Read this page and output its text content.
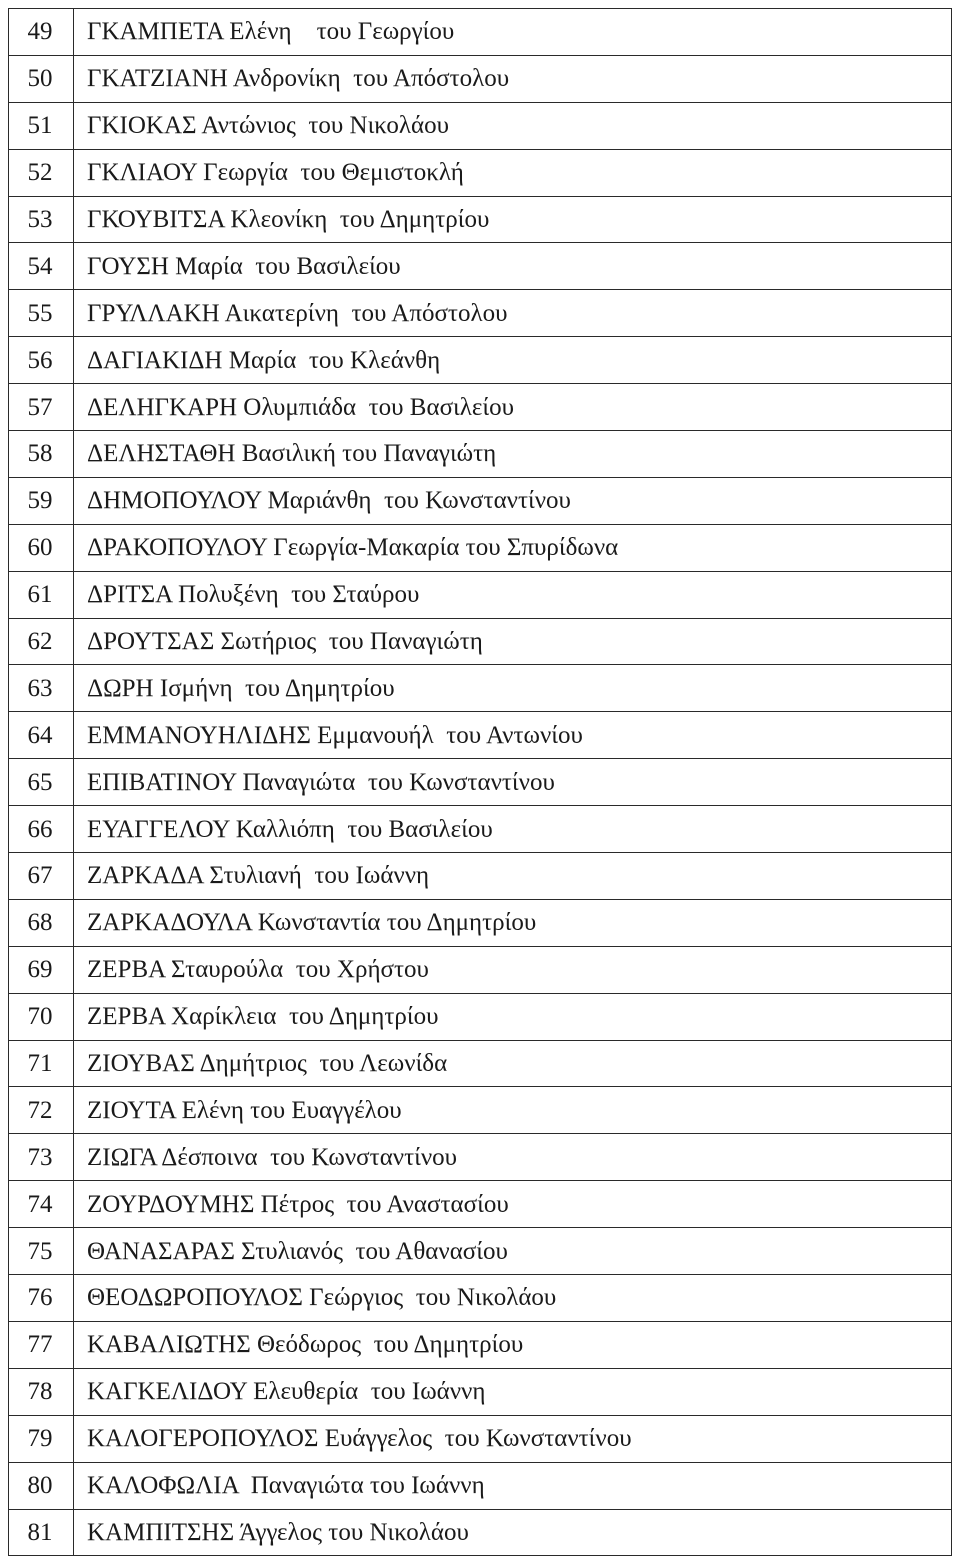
49	ΓΚΑΜΠΕΤΑ Ελένη    του Γεωργίου
50	ΓΚΑΤΖΙΑΝΗ Ανδρονίκη  του Απόστολου
51	ΓΚΙΟΚΑΣ Αντώνιος  του Νικολάου
52	ΓΚΛΙΑΟΥ Γεωργία  του Θεμιστοκλή
53	ΓΚΟΥΒΙΤΣΑ Κλεονίκη  του Δημητρίου
54	ΓΟΥΣΗ Μαρία  του Βασιλείου
55	ΓΡΥΛΛΑΚΗ Αικατερίνη  του Απόστολου
56	ΔΑΓΙΑΚΙΔΗ Μαρία  του Κλεάνθη
57	ΔΕΛΗΓΚΑΡΗ Ολυμπιάδα  του Βασιλείου
58	ΔΕΛΗΣΤΑΘΗ Βασιλική του Παναγιώτη
59	ΔΗΜΟΠΟΥΛΟΥ Μαριάνθη  του Κωνσταντίνου
60	ΔΡΑΚΟΠΟΥΛΟΥ Γεωργία-Μακαρία του Σπυρίδωνα
61	ΔΡΙΤΣΑ Πολυξένη  του Σταύρου
62	ΔΡΟΥΤΣΑΣ Σωτήριος  του Παναγιώτη
63	ΔΩΡΗ Ισμήνη  του Δημητρίου
64	ΕΜΜΑΝΟΥΗΛΙΔΗΣ Εμμανουήλ  του Αντωνίου
65	ΕΠΙΒΑΤΙΝΟΥ Παναγιώτα  του Κωνσταντίνου
66	ΕΥΑΓΓΕΛΟΥ Καλλιόπη  του Βασιλείου
67	ΖΑΡΚΑΔΑ Στυλιανή  του Ιωάννη
68	ΖΑΡΚΑΔΟΥΛΑ Κωνσταντία του Δημητρίου
69	ΖΕΡΒΑ Σταυρούλα  του Χρήστου
70	ΖΕΡΒΑ Χαρίκλεια  του Δημητρίου
71	ΖΙΟΥΒΑΣ Δημήτριος  του Λεωνίδα
72	ΖΙΟΥΤΑ Ελένη του Ευαγγέλου
73	ΖΙΩΓΑ Δέσποινα  του Κωνσταντίνου
74	ΖΟΥΡΔΟΥΜΗΣ Πέτρος  του Αναστασίου
75	ΘΑΝΑΣΑΡΑΣ Στυλιανός  του Αθανασίου
76	ΘΕΟΔΩΡΟΠΟΥΛΟΣ Γεώργιος  του Νικολάου
77	ΚΑΒΑΛΙΩΤΗΣ Θεόδωρος  του Δημητρίου
78	ΚΑΓΚΕΛΙΔΟΥ Ελευθερία  του Ιωάννη
79	ΚΑΛΟΓΕΡΟΠΟΥΛΟΣ Ευάγγελος  του Κωνσταντίνου
80	ΚΑΛΟΦΩΛΙΑ  Παναγιώτα του Ιωάννη
81	ΚΑΜΠΙΤΣΗΣ Άγγελος του Νικολάου
